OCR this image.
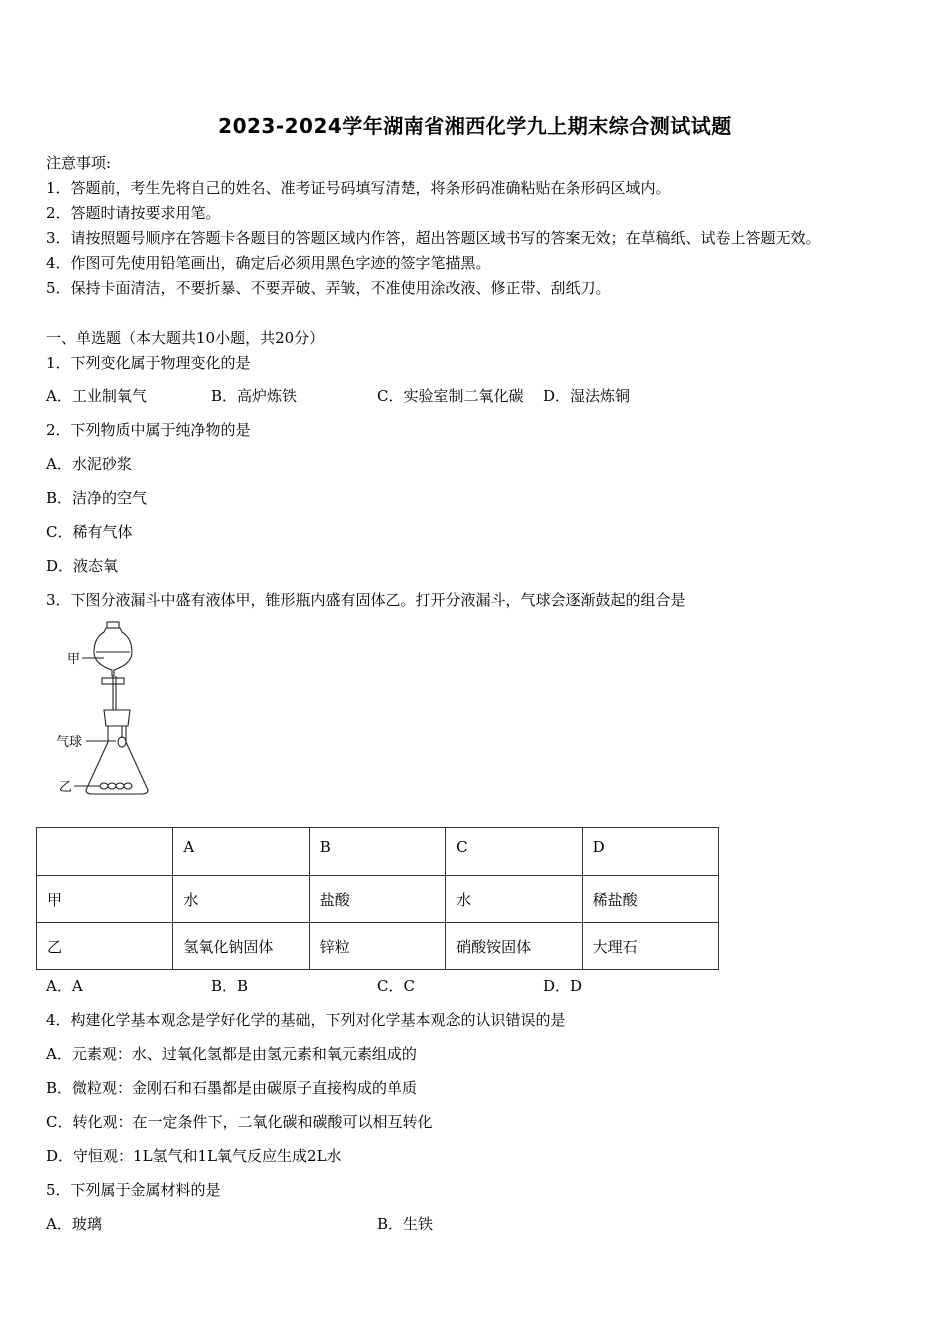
2023-2024学年湖南省湘西化学九上期末综合测试试题
注意事项:
1．答题前，考生先将自己的姓名、准考证号码填写清楚，将条形码准确粘贴在条形码区域内。
2．答题时请按要求用笔。
3．请按照题号顺序在答题卡各题目的答题区域内作答，超出答题区域书写的答案无效；在草稿纸、试卷上答题无效。
4．作图可先使用铅笔画出，确定后必须用黑色字迹的签字笔描黑。
5．保持卡面清洁，不要折暴、不要弄破、弄皱，不准使用涂改液、修正带、刮纸刀。
一、单选题（本大题共10小题，共20分）
1．下列变化属于物理变化的是
A．工业制氧气	B．高炉炼铁	C．实验室制二氧化碳 D．湿法炼铜
2．下列物质中属于纯净物的是
A．水泥砂浆
B．洁净的空气
C．稀有气体
D．液态氧
3．下图分液漏斗中盛有液体甲，锥形瓶内盛有固体乙。打开分液漏斗，气球会逐渐鼓起的组合是
甲
气球
乙
	A	B	C	D
甲	水	盐酸	水	稀盐酸
乙	氢氧化钠固体	锌粒	硝酸铵固体	大理石
A．A	B．B	C．C	D．D
4．构建化学基本观念是学好化学的基础，下列对化学基本观念的认识错误的是
A．元素观：水、过氧化氢都是由氢元素和氧元素组成的
B．微粒观：金刚石和石墨都是由碳原子直接构成的单质
C．转化观：在一定条件下，二氧化碳和碳酸可以相互转化
D．守恒观：1L氢气和1L氧气反应生成2L水
5．下列属于金属材料的是
A．玻璃	B．生铁
